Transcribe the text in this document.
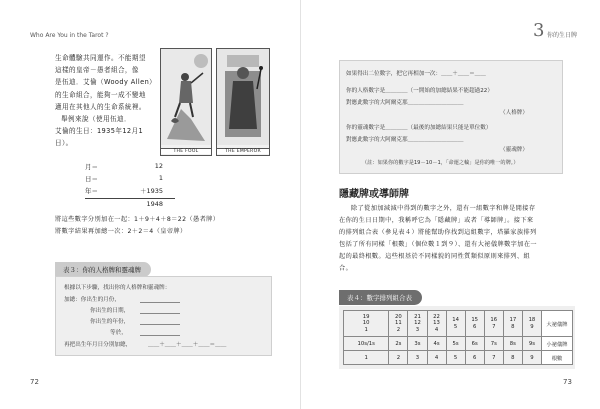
Who Are You in the Tarot ?
生命體驗共同運作。不能期望
這樣的皇帝－愚者組合，像
是伍迪．艾倫（Woody Allen）
的生命組合，能夠一成不變地
適用在其他人的生命系統裡。
舉例來說（使用伍迪．
艾倫的生日：1935年12月1
日）。
THE FOOL	THE EMPEROR
月＝	12
日＝	1
年＝	＋1935
1948
將這些數字分別加在一起：1＋9＋4＋8＝22（愚者牌）
將數字結果再加總一次：2＋2＝4（皇帝牌）
表３：你的人格牌和靈魂牌
根據以下步驟，找出你的人格牌和靈魂牌：
加總：你出生的月份，
你出生的日期，
你出生的年份，
等於，
再把出生年月日分別加總，	＿＿＋＿＿＋＿＿＋＿＿＝＿＿
72
3 你的生日牌
如果得出二位數字，把它再相加一次：＿＿＋＿＿＝＿＿
你的人格數字是＿＿＿＿（一開始的加總結果不能超過22）
對應此數字的大阿爾克那＿＿＿＿＿＿＿＿＿＿
（人格牌）
你的靈魂數字是＿＿＿＿（最後的加總結果只能是單位數）
對應此數字的大阿爾克那＿＿＿＿＿＿＿＿＿＿
（靈魂牌）
（註：如果你的數字是19－10－1，「命運之輪」是你的唯一的牌。）
隱藏牌或導師牌
除了從加加減減中得到的數字之外，還有一組數字和牌是閒接存
在你的生日日期中，我稱呼它為「隱藏牌」或者「導師牌」。接下來
的排列組合表（參見表４）將能幫助你找到這組數字，塔羅家族排列
包括了所有同樣「根數」（個位數１到９）、還有大祕儀牌數字加在一
起的最終根數。這些根基於不同樣貌的同性質類似原則來排列、組
合。
表４：數字排列組合表
19
10
1	20
11
2	21
12
3	22
13
4	14
5	15
6	16
7	17
8	18
9	大祕儀牌
10s/1s	2s	3s	4s	5s	6s	7s	8s	9s	小祕儀牌
1	2	3	4	5	6	7	8	9	根數
73
